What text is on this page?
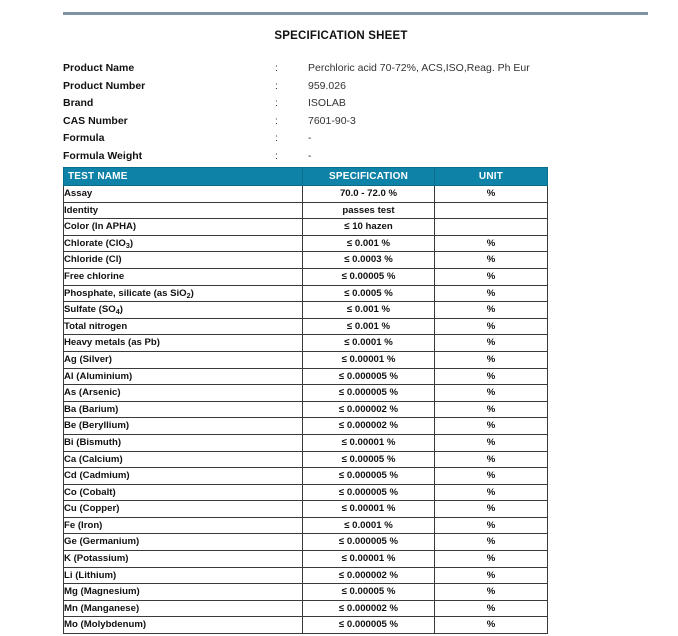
SPECIFICATION SHEET
Product Name	:	Perchloric acid 70-72%, ACS,ISO,Reag. Ph Eur
Product Number	:	959.026
Brand	:	ISOLAB
CAS Number	:	7601-90-3
Formula	:	-
Formula Weight	:	-
TEST NAME	SPECIFICATION	UNIT
Assay	70.0 - 72.0 %	%
Identity	passes test	
Color (In APHA)	≤ 10 hazen	
Chlorate (ClO$_3$)	≤ 0.001 %	%
Chloride (Cl)	≤ 0.0003 %	%
Free chlorine	≤ 0.00005 %	%
Phosphate, silicate (as SiO$_2$)	≤ 0.0005 %	%
Sulfate $(SO_4)$	≤ 0.001 %	%
Total nitrogen	≤ 0.001 %	%
Heavy metals (as Pb)	≤ 0.0001 %	%
Ag (Silver)	≤ 0.00001 %	%
Al (Aluminium)	≤ 0.000005 %	%
As (Arsenic)	≤ 0.000005 %	%
Ba (Barium)	≤ 0.000002 %	%
Be (Beryllium)	≤ 0.000002 %	%
Bi (Bismuth)	≤ 0.00001 %	%
Ca (Calcium)	≤ 0.00005 %	%
Cd (Cadmium)	≤ 0.000005 %	%
Co (Cobalt)	≤ 0.000005 %	%
Cu (Copper)	≤ 0.00001 %	%
Fe (Iron)	≤ 0.0001 %	%
Ge (Germanium)	≤ 0.000005 %	%
K (Potassium)	≤ 0.00001 %	%
Li (Lithium)	≤ 0.000002 %	%
Mg (Magnesium)	≤ 0.00005 %	%
Mn (Manganese)	≤ 0.000002 %	%
Mo (Molybdenum)	≤ 0.000005 %	%
